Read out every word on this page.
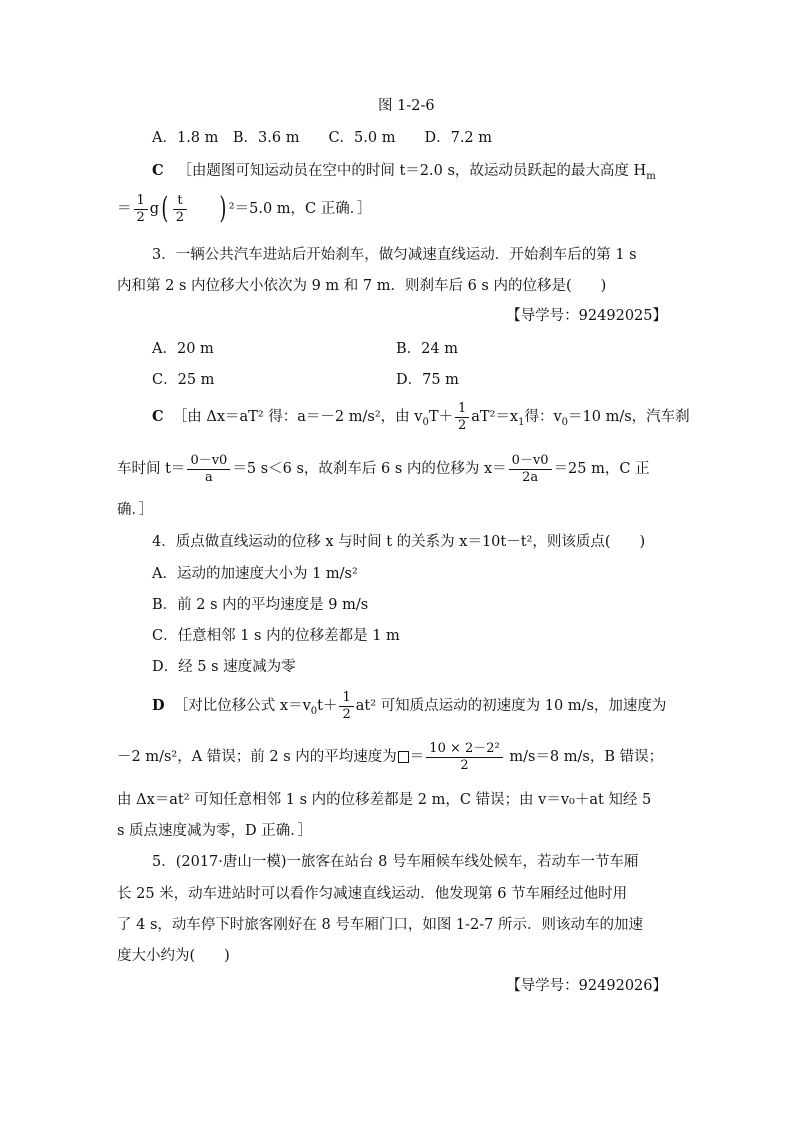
图 1-2-6
A．1.8 m　B．3.6 m　　C．5.0 m　　D．7.2 m
C ［由题图可知运动员在空中的时间 t＝2.0 s，故运动员跃起的最大高度 $H_m$
＝ $\frac{1}{2} g( \frac{t}{2}$ ) ²＝5.0 m，C 正确．］
3．一辆公共汽车进站后开始刹车，做匀减速直线运动．开始刹车后的第 1 s
内和第 2 s 内位移大小依次为 9 m 和 7 m．则刹车后 6 s 内的位移是(　　)
【导学号：92492025】
A．20 m	B．24 m
C．25 m	D．75 m
C ［由 Δx＝aT² 得：a＝－2 m/s²，由 $v_0T+ \frac{1}{2} aT^2=x_1$得：$v_0=10$ m/s，汽车刹
车时间 $t= \frac{0-v0}{a} =5$ s＜6 s，故刹车后 6 s 内的位移为 $x= \frac{0-v0}{2a} =25$ m，C 正
确．］
4．质点做直线运动的位移 x 与时间 t 的关系为 x＝10t－t²，则该质点(　　)
A．运动的加速度大小为 1 m/s²
B．前 2 s 内的平均速度是 9 m/s
C．任意相邻 1 s 内的位移差都是 1 m
D．经 5 s 速度减为零
D ［对比位移公式 $x=v_0t+ \frac{1}{2} at^2$ 可知质点运动的初速度为 10 m/s，加速度为
－2 m/s²，A 错误；前 2 s 内的平均速度为 ＝ $\frac{\text{10 × 2－2²}}{2} m/s=8$ m/s，B 错误；
由 Δx＝at² 可知任意相邻 1 s 内的位移差都是 2 m，C 错误；由 v＝v₀＋at 知经 5
s 质点速度减为零，D 正确．］
5．(2017·唐山一模)一旅客在站台 8 号车厢候车线处候车，若动车一节车厢
长 25 米，动车进站时可以看作匀减速直线运动．他发现第 6 节车厢经过他时用
了 4 s，动车停下时旅客刚好在 8 号车厢门口，如图 1-2-7 所示．则该动车的加速
度大小约为(　　)
【导学号：92492026】
